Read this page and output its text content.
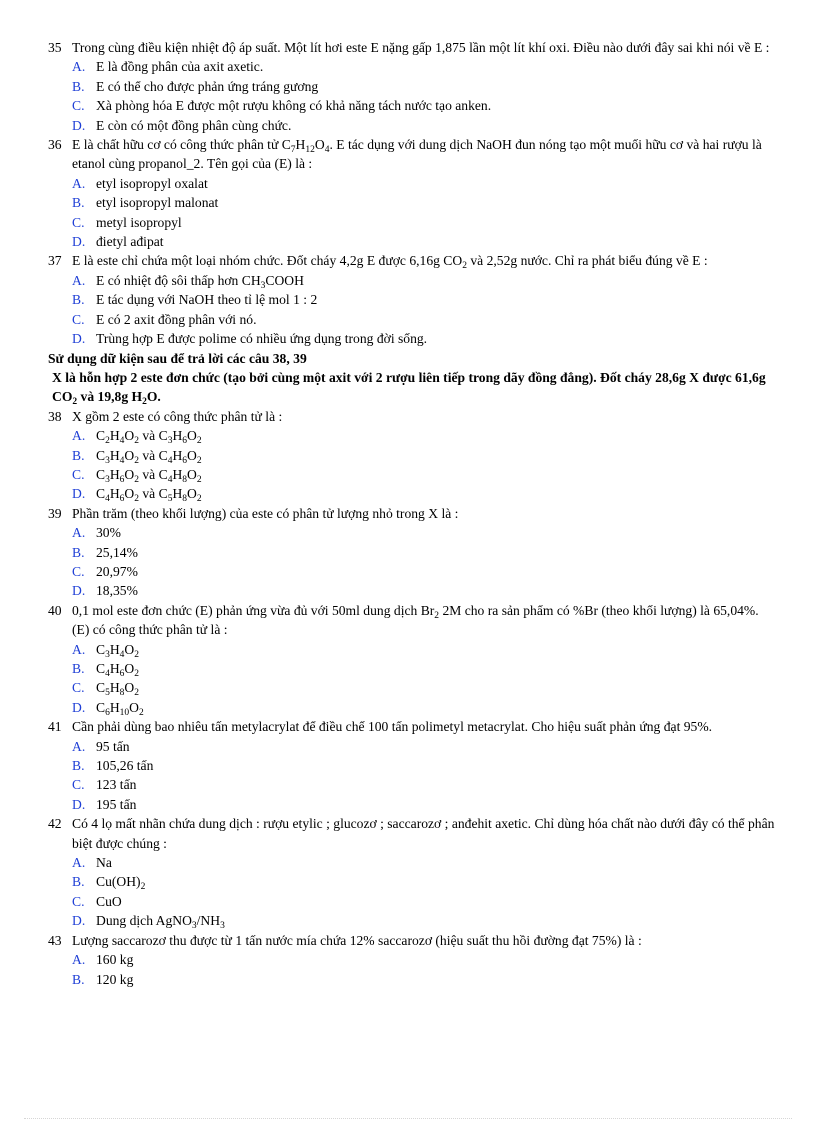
35 Trong cùng điều kiện nhiệt độ áp suất. Một lít hơi este E nặng gấp 1,875 lần một lít khí oxi. Điều nào dưới đây sai khi nói về E :
A. E là đồng phân của axit axetic.
B. E có thể cho được phản ứng tráng gương
C. Xà phòng hóa E được một rượu không có khả năng tách nước tạo anken.
D. E còn có một đồng phân cùng chức.
36 E là chất hữu cơ có công thức phân tử $C_7H_{12}O_4$. E tác dụng với dung dịch NaOH đun nóng tạo một muối hữu cơ và hai rượu là etanol cùng propanol_2. Tên gọi của (E) là :
A. etyl isopropyl oxalat
B. etyl isopropyl malonat
C. metyl isopropyl
D. đietyl ađipat
37 E là este chỉ chứa một loại nhóm chức. Đốt cháy 4,2g E được 6,16g $CO_2$ và 2,52g nước. Chỉ ra phát biểu đúng về E :
A. E có nhiệt độ sôi thấp hơn $CH_3COOH$
B. E tác dụng với NaOH theo tỉ lệ mol 1 : 2
C. E có 2 axit đồng phân với nó.
D. Trùng hợp E được polime có nhiều ứng dụng trong đời sống.
Sử dụng dữ kiện sau để trả lời các câu 38, 39
X là hỗn hợp 2 este đơn chức (tạo bởi cùng một axit với 2 rượu liên tiếp trong dãy đồng đẳng). Đốt cháy 28,6g X được 61,6g $CO_2$ và 19,8g $H_2O$.
38 X gồm 2 este có công thức phân tử là :
A. $C_2H_4O_2$ và $C_3H_6O_2$
B. $C_3H_4O_2$ và $C_4H_6O_2$
C. $C_3H_6O_2$ và $C_4H_8O_2$
D. $C_4H_6O_2$ và $C_5H_8O_2$
39 Phần trăm (theo khối lượng) của este có phân tử lượng nhỏ trong X là :
A. 30%
B. 25,14%
C. 20,97%
D. 18,35%
40 0,1 mol este đơn chức (E) phản ứng vừa đủ với 50ml dung dịch $Br_2$ 2M cho ra sản phẩm có %Br (theo khối lượng) là 65,04%. (E) có công thức phân tử là :
A. $C_3H_4O_2$
B. $C_4H_6O_2$
C. $C_5H_8O_2$
D. $C_6H_{10}O_2$
41 Cần phải dùng bao nhiêu tấn metylacrylat để điều chế 100 tấn polimetyl metacrylat. Cho hiệu suất phản ứng đạt 95%.
A. 95 tấn
B. 105,26 tấn
C. 123 tấn
D. 195 tấn
42 Có 4 lọ mất nhãn chứa dung dịch : rượu etylic ; glucozơ ; saccarozơ ; anđehit axetic. Chỉ dùng hóa chất nào dưới đây có thể phân biệt được chúng :
A. Na
B. $Cu(OH)_2$
C. CuO
D. Dung dịch $AgNO_3/NH_3$
43 Lượng saccarozơ thu được từ 1 tấn nước mía chứa 12% saccarozơ (hiệu suất thu hồi đường đạt 75%) là :
A. 160 kg
B. 120 kg
